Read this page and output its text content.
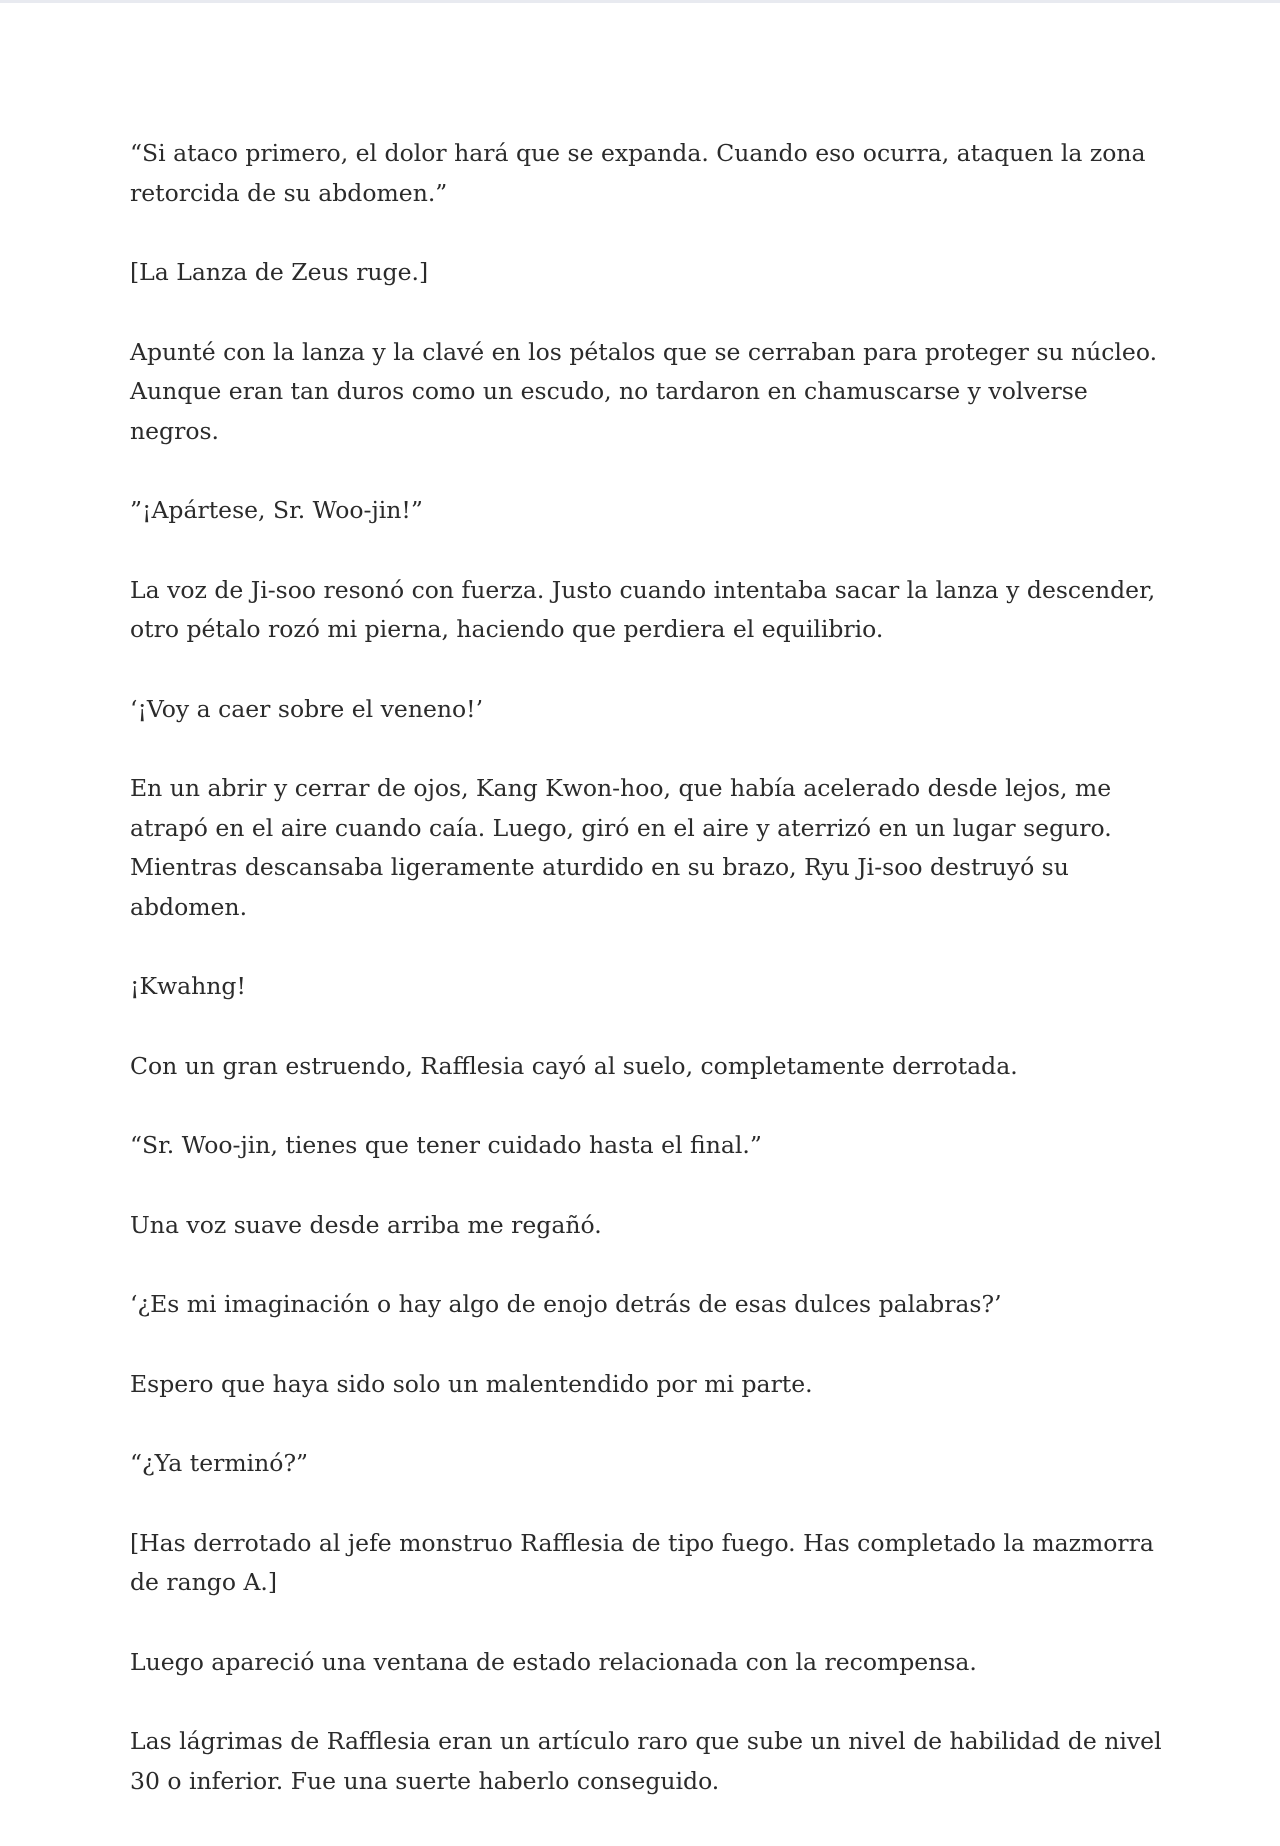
“Si ataco primero, el dolor hará que se expanda. Cuando eso ocurra, ataquen la zona retorcida de su abdomen.”

[La Lanza de Zeus ruge.]

Apunté con la lanza y la clavé en los pétalos que se cerraban para proteger su núcleo. Aunque eran tan duros como un escudo, no tardaron en chamuscarse y volverse negros.

”¡Apártese, Sr. Woo-jin!”

La voz de Ji-soo resonó con fuerza. Justo cuando intentaba sacar la lanza y descender, otro pétalo rozó mi pierna, haciendo que perdiera el equilibrio.

‘¡Voy a caer sobre el veneno!’

En un abrir y cerrar de ojos, Kang Kwon-hoo, que había acelerado desde lejos, me atrapó en el aire cuando caía. Luego, giró en el aire y aterrizó en un lugar seguro. Mientras descansaba ligeramente aturdido en su brazo, Ryu Ji-soo destruyó su abdomen.

¡Kwahng!

Con un gran estruendo, Rafflesia cayó al suelo, completamente derrotada.

“Sr. Woo-jin, tienes que tener cuidado hasta el final.”

Una voz suave desde arriba me regañó.

‘¿Es mi imaginación o hay algo de enojo detrás de esas dulces palabras?’

Espero que haya sido solo un malentendido por mi parte.

“¿Ya terminó?”

[Has derrotado al jefe monstruo Rafflesia de tipo fuego. Has completado la mazmorra de rango A.]

Luego apareció una ventana de estado relacionada con la recompensa.

Las lágrimas de Rafflesia eran un artículo raro que sube un nivel de habilidad de nivel 30 o inferior. Fue una suerte haberlo conseguido.
